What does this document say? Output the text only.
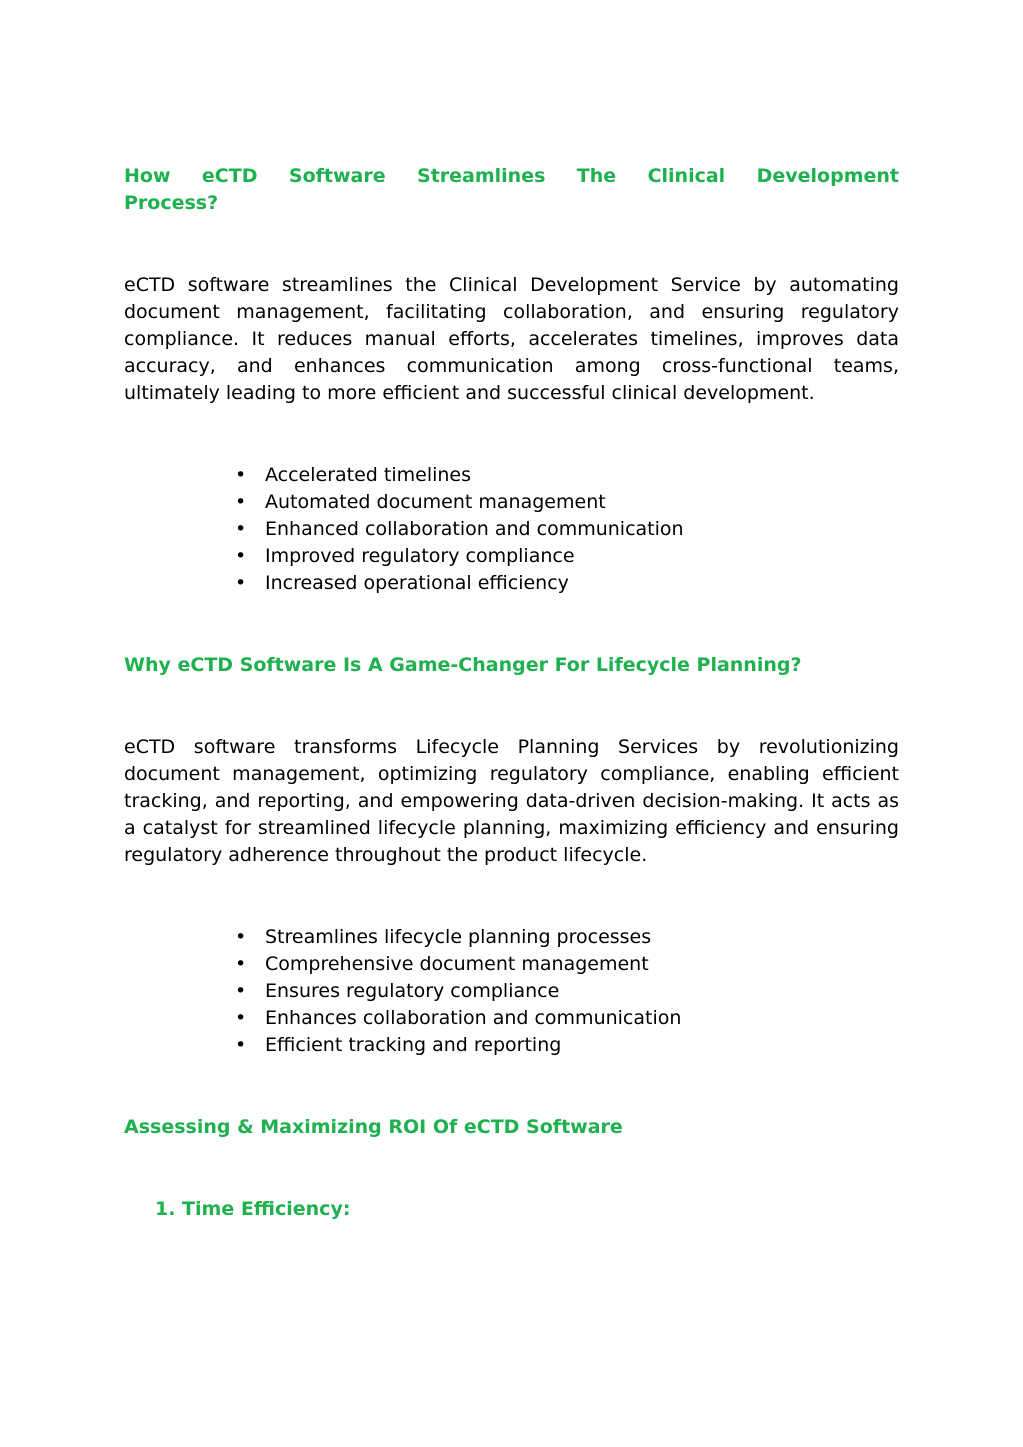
How eCTD Software Streamlines The Clinical Development
Process?

eCTD software streamlines the Clinical Development Service by automating document management, facilitating collaboration, and ensuring regulatory compliance. It reduces manual efforts, accelerates timelines, improves data accuracy, and enhances communication among cross-functional teams, ultimately leading to more efficient and successful clinical development.

• Accelerated timelines
• Automated document management
• Enhanced collaboration and communication
• Improved regulatory compliance
• Increased operational efficiency
Why eCTD Software Is A Game-Changer For Lifecycle Planning?

eCTD software transforms Lifecycle Planning Services by revolutionizing document management, optimizing regulatory compliance, enabling efficient tracking, and reporting, and empowering data-driven decision-making. It acts as a catalyst for streamlined lifecycle planning, maximizing efficiency and ensuring regulatory adherence throughout the product lifecycle.

• Streamlines lifecycle planning processes
• Comprehensive document management
• Ensures regulatory compliance
• Enhances collaboration and communication
• Efficient tracking and reporting
Assessing & Maximizing ROI Of eCTD Software

1. Time Efficiency:
